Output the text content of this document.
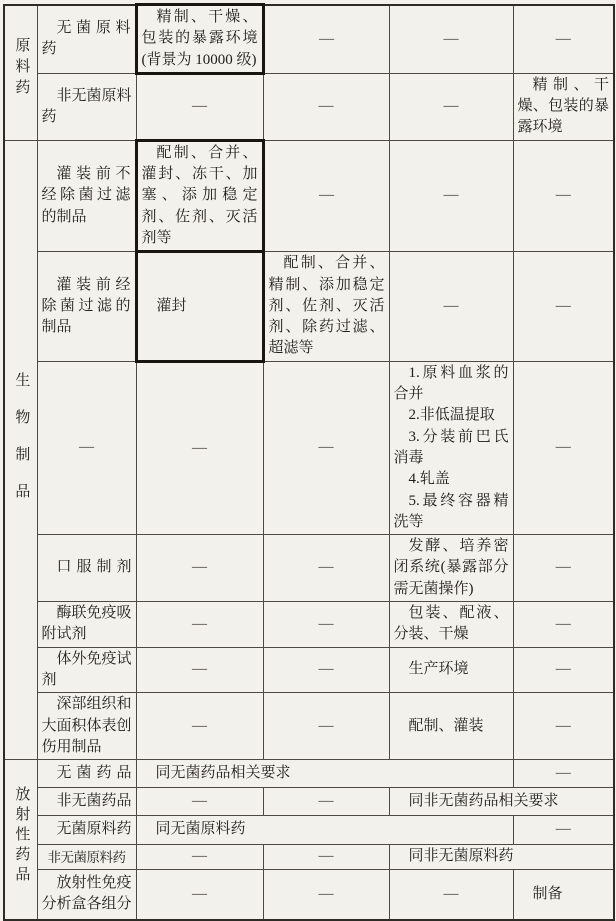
原料药	无菌原料药	精制、干燥、包装的暴露环境(背景为 10000 级)	—	—	—
	非无菌原料药	—	—	—	精制、干燥、包装的暴露环境
生物制品	灌装前不经除菌过滤的制品	配制、合并、灌封、冻干、加塞、添加稳定剂、佐剂、灭活剂等	—	—	—
	灌装前经除菌过滤的制品	灌封	配制、合并、精制、添加稳定剂、佐剂、灭活剂、除药过滤、超滤等	—	—
	—	—	—	1.原料血浆的合并
2.非低温提取
3.分装前巴氏消毒
4.轧盖
5.最终容器精洗等	—
	口服制剂	—	—	发酵、培养密闭系统(暴露部分需无菌操作)	—
	酶联免疫吸附试剂	—	—	包装、配液、分装、干燥	—
	体外免疫试剂	—	—	生产环境	—
	深部组织和大面积体表创伤用制品	—	—	配制、灌装	—
放射性药品	无菌药品	同无菌药品相关要求			—
	非无菌药品	—	—	同非无菌药品相关要求	
	无菌原料药	同无菌原料药			—
	非无菌原料药	—	—	同非无菌原料药	
	放射性免疫分析盒各组分	—	—	—	制备
